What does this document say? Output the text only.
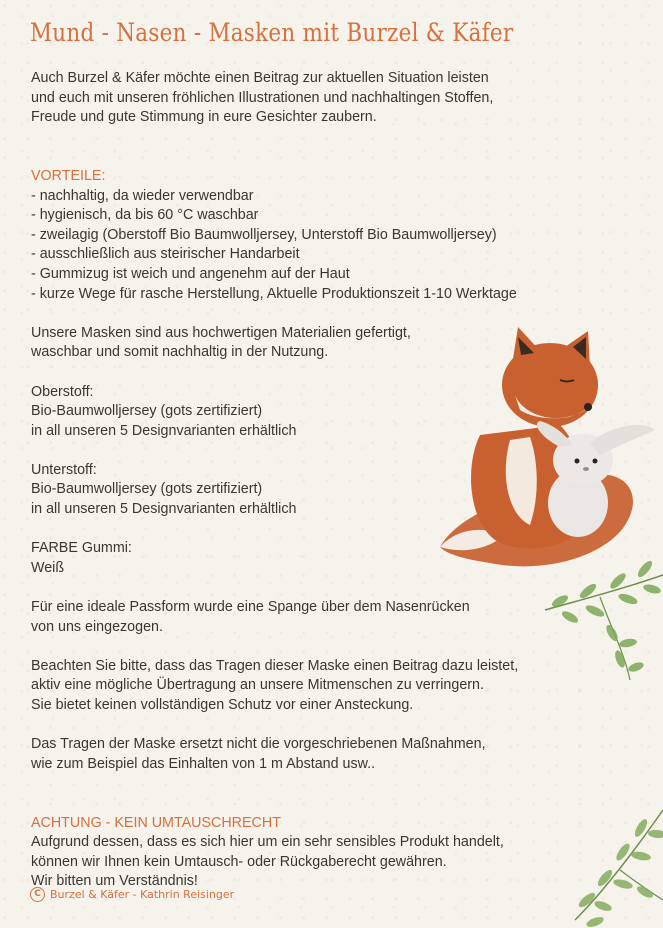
Mund - Nasen - Masken mit Burzel & Käfer

Auch Burzel & Käfer möchte einen Beitrag zur aktuellen Situation leisten

und euch mit unseren fröhlichen Illustrationen und nachhaltingen Stoffen,

Freude und gute Stimmung in eure Gesichter zaubern.

VORTEILE:

- nachhaltig, da wieder verwendbar

- hygienisch, da bis 60 °C waschbar

- zweilagig (Oberstoff Bio Baumwolljersey, Unterstoff Bio Baumwolljersey)

- ausschließlich aus steirischer Handarbeit

- Gummizug ist weich und angenehm auf der Haut

- kurze Wege für rasche Herstellung, Aktuelle Produktionszeit 1-10 Werktage

Unsere Masken sind aus hochwertigen Materialien gefertigt,

waschbar und somit nachhaltig in der Nutzung.

Oberstoff:

Bio-Baumwolljersey (gots zertifiziert)

in all unseren 5 Designvarianten erhältlich

Unterstoff:

Bio-Baumwolljersey (gots zertifiziert)

in all unseren 5 Designvarianten erhältlich

FARBE Gummi:

Weiß

Für eine ideale Passform wurde eine Spange über dem Nasenrücken

von uns eingezogen.

Beachten Sie bitte, dass das Tragen dieser Maske einen Beitrag dazu leistet,

aktiv eine mögliche Übertragung an unsere Mitmenschen zu verringern.

Sie bietet keinen vollständigen Schutz vor einer Ansteckung.

Das Tragen der Maske ersetzt nicht die vorgeschriebenen Maßnahmen,

wie zum Beispiel das Einhalten von 1 m Abstand usw..

ACHTUNG - KEIN UMTAUSCHRECHT

Aufgrund dessen, dass es sich hier um ein sehr sensibles Produkt handelt,

können wir Ihnen kein Umtausch- oder Rückgaberecht gewähren.

Wir bitten um Verständnis!

C Burzel & Käfer - Kathrin Reisinger
